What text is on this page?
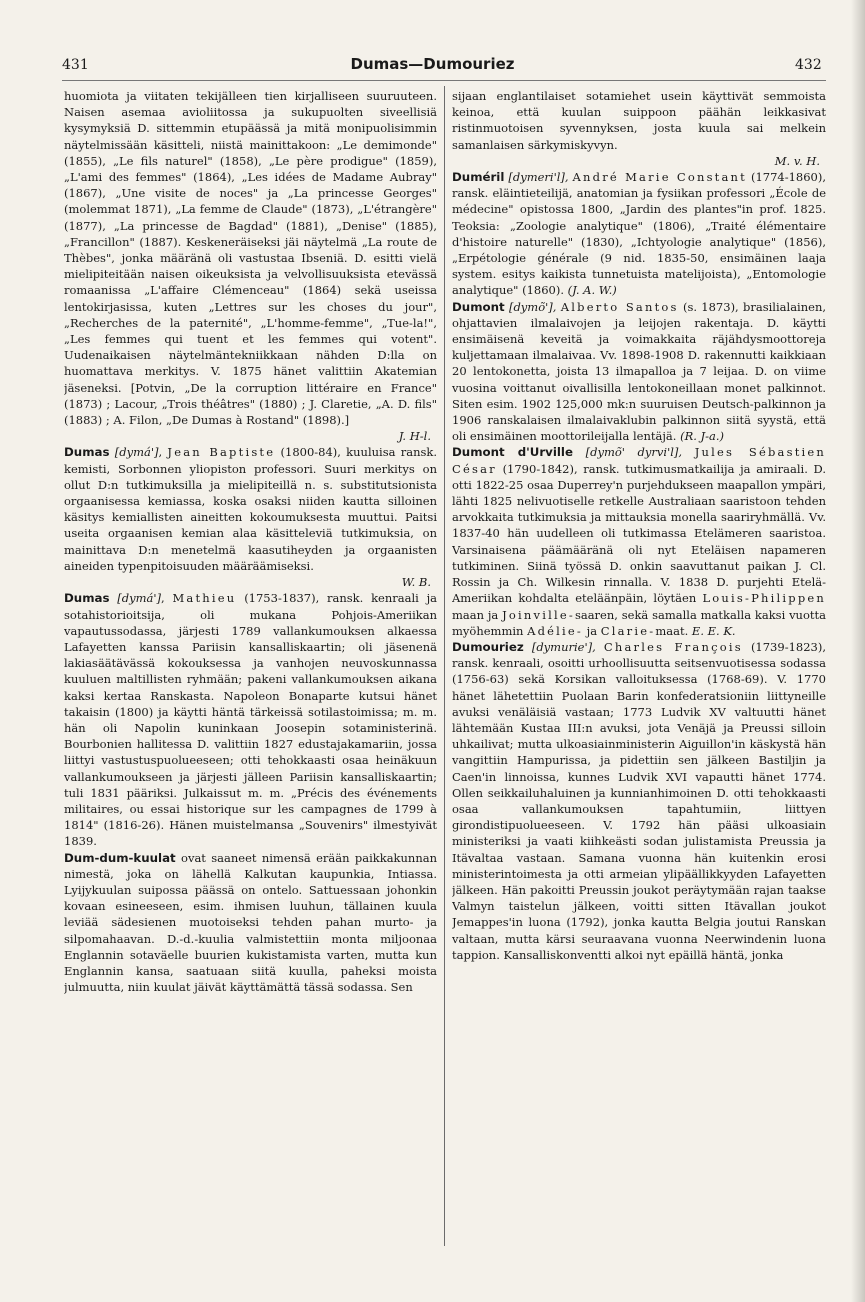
431	Dumas—Dumouriez	432

huomiota ja viitaten tekijälleen tien kirjalliseen suuruuteen. Naisen asemaa avioliitossa ja sukupuolten siveellisiä kysymyksiä D. sittemmin etupäässä ja mitä monipuolisimmin näytelmissään käsitteli, niistä mainittakoon: „Le demimonde" (1855), „Le fils naturel" (1858), „Le père prodigue" (1859), „L'ami des femmes" (1864), „Les idées de Madame Aubray" (1867), „Une visite de noces" ja „La princesse Georges" (molemmat 1871), „La femme de Claude" (1873), „L'étrangère" (1877), „La princesse de Bagdad" (1881), „Denise" (1885), „Francillon" (1887). Keskeneräiseksi jäi näytelmä „La route de Thèbes", jonka määränä oli vastustaa Ibseniä. D. esitti vielä mielipiteitään naisen oikeuksista ja velvollisuuksista etevässä romaanissa „L'affaire Clémenceau" (1864) sekä useissa lentokirjasissa, kuten „Lettres sur les choses du jour", „Recherches de la paternité", „L'homme-femme", „Tue-la!", „Les femmes qui tuent et les femmes qui votent". Uudenaikaisen näytelmäntekniikkaan nähden D:lla on huomattava merkitys. V. 1875 hänet valittiin Akatemian jäseneksi. [Potvin, „De la corruption littéraire en France" (1873) ; Lacour, „Trois théâtres" (1880) ; J. Claretie, „A. D. fils" (1883) ; A. Filon, „De Dumas à Rostand" (1898).]

J. H-l.

Dumas [dymá'], Jean Baptiste (1800-84), kuuluisa ransk. kemisti, Sorbonnen yliopiston professori. Suuri merkitys on ollut D:n tutkimuksilla ja mielipiteillä n. s. substitutsionista orgaanisessa kemiassa, koska osaksi niiden kautta silloinen käsitys kemiallisten aineitten kokoumuksesta muuttui. Paitsi useita orgaanisen kemian alaa käsitteleviä tutkimuksia, on mainittava D:n menetelmä kaasutiheyden ja orgaanisten aineiden typenpitoisuuden määräämiseksi.

W. B.

Dumas [dymá'], Mathieu (1753-1837), ransk. kenraali ja sotahistorioitsija, oli mukana Pohjois-Ameriikan vapautussodassa, järjesti 1789 vallankumouksen alkaessa Lafayetten kanssa Pariisin kansalliskaartin; oli jäsenenä lakiasäätävässä kokouksessa ja vanhojen neuvoskunnassa kuuluen maltillisten ryhmään; pakeni vallankumouksen aikana kaksi kertaa Ranskasta. Napoleon Bonaparte kutsui hänet takaisin (1800) ja käytti häntä tärkeissä sotilastoimissa; m. m. hän oli Napolin kuninkaan Joosepin sotaministerinä. Bourbonien hallitessa D. valittiin 1827 edustajakamariin, jossa liittyi vastustuspuolueeseen; otti tehokkaasti osaa heinäkuun vallankumoukseen ja järjesti jälleen Pariisin kansalliskaartin; tuli 1831 pääriksi. Julkaissut m. m. „Précis des événements militaires, ou essai historique sur les campagnes de 1799 à 1814" (1816-26). Hänen muistelmansa „Souvenirs" ilmestyivät 1839.

Dum-dum-kuulat ovat saaneet nimensä erään paikkakunnan nimestä, joka on lähellä Kalkutan kaupunkia, Intiassa. Lyijykuulan suipossa päässä on ontelo. Sattuessaan johonkin kovaan esineeseen, esim. ihmisen luuhun, tällainen kuula leviää sädesienen muotoiseksi tehden pahan murto- ja silpomahaavan. D.-d.-kuulia valmistettiin monta miljoonaa Englannin sotaväelle buurien kukistamista varten, mutta kun Englannin kansa, saatuaan siitä kuulla, paheksi moista julmuutta, niin kuulat jäivät käyttämättä tässä sodassa. Sen

sijaan englantilaiset sotamiehet usein käyttivät semmoista keinoa, että kuulan suippoon päähän leikkasivat ristinmuotoisen syvennyksen, josta kuula sai melkein samanlaisen särkymiskyvyn.

M. v. H.

Duméril [dymeri'l], André Marie Constant (1774-1860), ransk. eläintieteilijä, anatomian ja fysiikan professori „École de médecine" opistossa 1800, „Jardin des plantes"in prof. 1825. Teoksia: „Zoologie analytique" (1806), „Traité élémentaire d'histoire naturelle" (1830), „Ichtyologie analytique" (1856), „Erpétologie générale (9 nid. 1835-50, ensimäinen laaja system. esitys kaikista tunnetuista matelijoista), „Entomologie analytique" (1860). (J. A. W.)

Dumont [dymõ'], Alberto Santos (s. 1873), brasilialainen, ohjattavien ilmalaivojen ja leijojen rakentaja. D. käytti ensimäisenä keveitä ja voimakkaita räjähdysmoottoreja kuljettamaan ilmalaivaa. Vv. 1898-1908 D. rakennutti kaikkiaan 20 lentokonetta, joista 13 ilmapalloa ja 7 leijaa. D. on viime vuosina voittanut oivallisilla lentokoneillaan monet palkinnot. Siten esim. 1902 125,000 mk:n suuruisen Deutsch-palkinnon ja 1906 ranskalaisen ilmalaivaklubin palkinnon siitä syystä, että oli ensimäinen moottorileijalla lentäjä. (R. J-a.)

Dumont d'Urville [dymõ' dyrvi'l], Jules Sébastien César (1790-1842), ransk. tutkimusmatkailija ja amiraali. D. otti 1822-25 osaa Duperrey'n purjehdukseen maapallon ympäri, lähti 1825 nelivuotiselle retkelle Australiaan saaristoon tehden arvokkaita tutkimuksia ja mittauksia monella saariryhmällä. Vv. 1837-40 hän uudelleen oli tutkimassa Etelämeren saaristoa. Varsinaisena päämääränä oli nyt Eteläisen napameren tutkiminen. Siinä työssä D. onkin saavuttanut paikan J. Cl. Rossin ja Ch. Wilkesin rinnalla. V. 1838 D. purjehti Etelä-Ameriikan kohdalta eteläänpäin, löytäen Louis-Philippen maan ja Joinville-saaren, sekä samalla matkalla kaksi vuotta myöhemmin Adélie- ja Clarie-maat. E. E. K.

Dumouriez [dymurie'], Charles François (1739-1823), ransk. kenraali, osoitti urhoollisuutta seitsenvuotisessa sodassa (1756-63) sekä Korsikan valloituksessa (1768-69). V. 1770 hänet lähetettiin Puolaan Barin konfederatsioniin liittyneille avuksi venäläisiä vastaan; 1773 Ludvik XV valtuutti hänet lähtemään Kustaa III:n avuksi, jota Venäjä ja Preussi silloin uhkailivat; mutta ulkoasiainministerin Aiguillon'in käskystä hän vangittiin Hampurissa, ja pidettiin sen jälkeen Bastiljin ja Caen'in linnoissa, kunnes Ludvik XVI vapautti hänet 1774. Ollen seikkailuhaluinen ja kunnianhimoinen D. otti tehokkaasti osaa vallankumouksen tapahtumiin, liittyen girondistipuolueeseen. V. 1792 hän pääsi ulkoasiain ministeriksi ja vaati kiihkeästi sodan julistamista Preussia ja Itävaltaa vastaan. Samana vuonna hän kuitenkin erosi ministerintoimesta ja otti armeian ylipäällikkyyden Lafayetten jälkeen. Hän pakoitti Preussin joukot peräytymään rajan taakse Valmyn taistelun jälkeen, voitti sitten Itävallan joukot Jemappes'in luona (1792), jonka kautta Belgia joutui Ranskan valtaan, mutta kärsi seuraavana vuonna Neerwindenin luona tappion. Kansalliskonventti alkoi nyt epäillä häntä, jonka
